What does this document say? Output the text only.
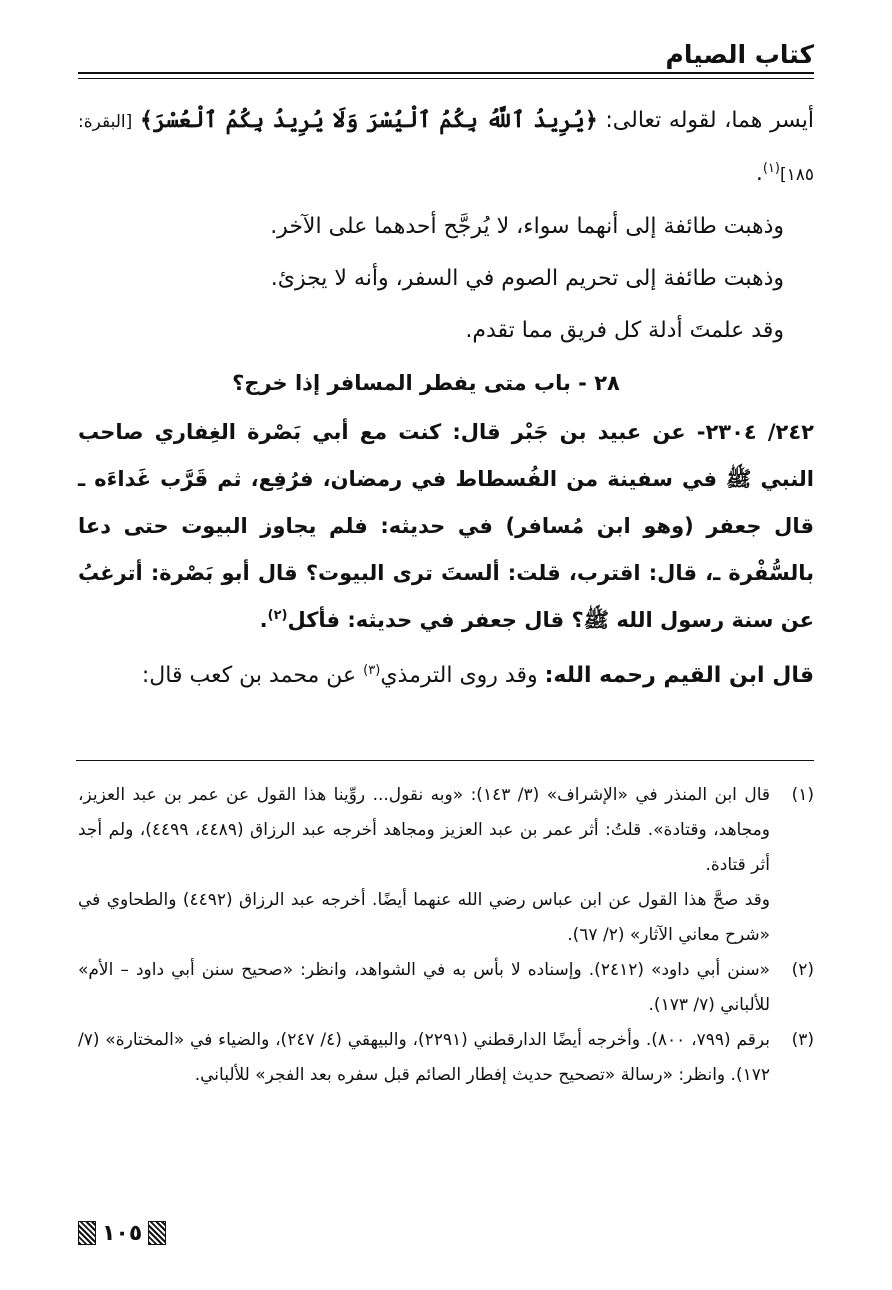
كتاب الصيام

أيسر هما، لقوله تعالى: ﴿يُرِيدُ ٱللَّهُ بِكُمُ ٱلْيُسْرَ وَلَا يُرِيدُ بِكُمُ ٱلْعُسْرَ﴾ [البقرة: ١٨٥]$^{(١)}$.

وذهبت طائفة إلى أنهما سواء، لا يُرجَّح أحدهما على الآخر.

وذهبت طائفة إلى تحريم الصوم في السفر، وأنه لا يجزئ.

وقد علمتَ أدلة كل فريق مما تقدم.

٢٨ - باب متى يفطر المسافر إذا خرج؟

٢٤٢/ ٢٣٠٤- عن عبيد بن جَبْر قال: كنت مع أبي بَصْرة الغِفاري صاحب النبي ﷺ في سفينة من الفُسطاط في رمضان، فرُفِع، ثم قَرَّب غَداءَه ـ قال جعفر (وهو ابن مُسافر) في حديثه: فلم يجاوز البيوت حتى دعا بالسُّفْرة ـ، قال: اقترب، قلت: ألستَ ترى البيوت؟ قال أبو بَصْرة: أترغبُ عن سنة رسول الله ﷺ؟ قال جعفر في حديثه: فأكل$^{(٢)}$.

قال ابن القيم رحمه الله: وقد روى الترمذي$^{(٣)}$ عن محمد بن كعب قال:

(١)
قال ابن المنذر في «الإشراف» (٣/ ١٤٣): «وبه نقول... روِّينا هذا القول عن عمر بن عبد العزيز، ومجاهد، وقتادة». قلتُ: أثر عمر بن عبد العزيز ومجاهد أخرجه عبد الرزاق (٤٤٨٩، ٤٤٩٩)، ولم أجد أثر قتادة.
وقد صحَّ هذا القول عن ابن عباس رضي الله عنهما أيضًا. أخرجه عبد الرزاق (٤٤٩٢) والطحاوي في «شرح معاني الآثار» (٢/ ٦٧).
(٢)
«سنن أبي داود» (٢٤١٢). وإسناده لا بأس به في الشواهد، وانظر: «صحيح سنن أبي داود – الأم» للألباني (٧/ ١٧٣).
(٣)
برقم (٧٩٩، ٨٠٠). وأخرجه أيضًا الدارقطني (٢٢٩١)، والبيهقي (٤/ ٢٤٧)، والضياء في «المختارة» (٧/ ١٧٢). وانظر: «رسالة «تصحيح حديث إفطار الصائم قبل سفره بعد الفجر» للألباني.
١٠٥
